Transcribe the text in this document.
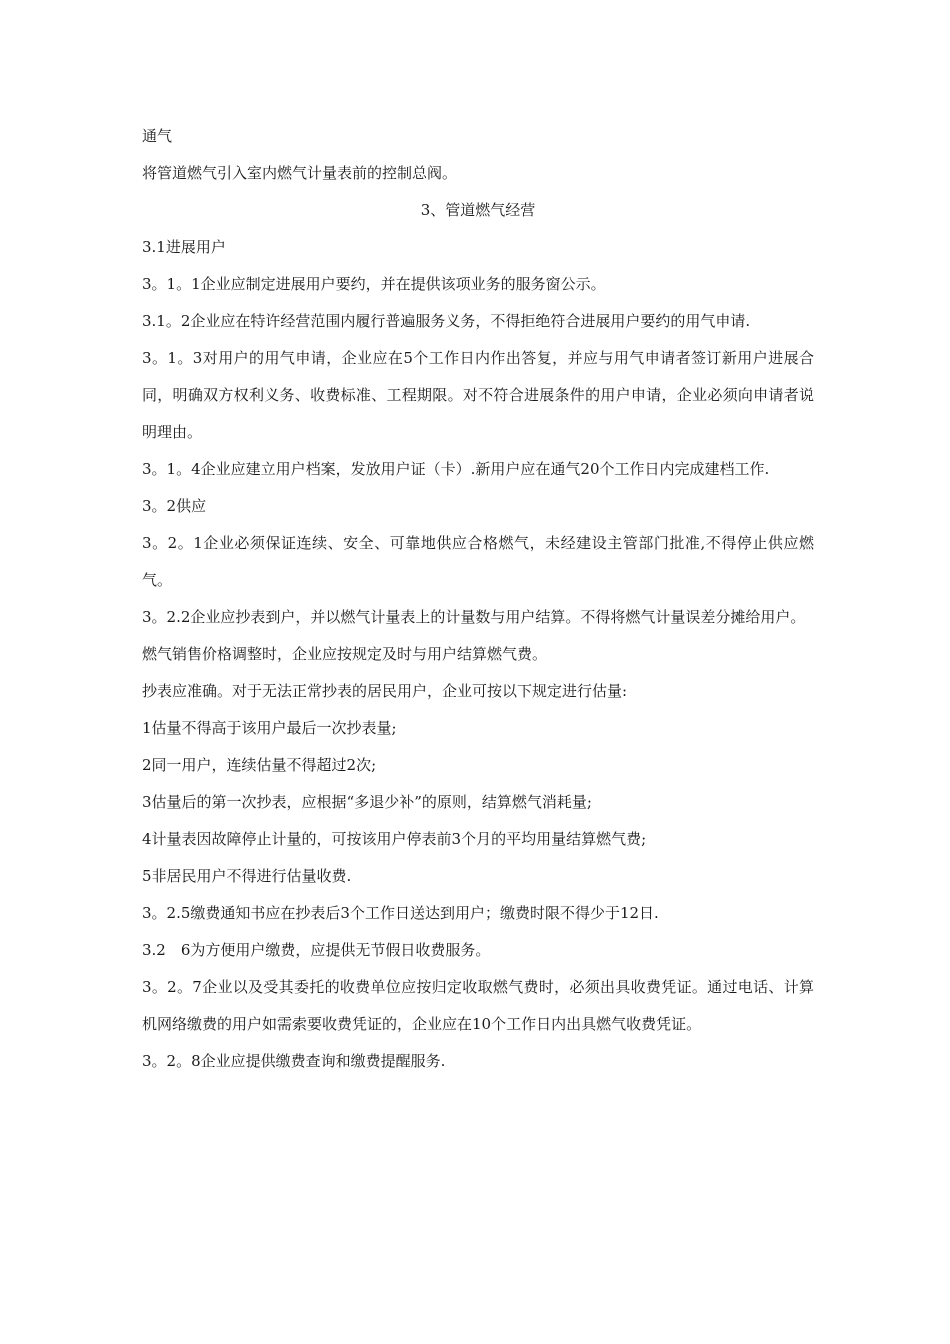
通气
将管道燃气引入室内燃气计量表前的控制总阀。
3、管道燃气经营
3.1进展用户
3。1。1企业应制定进展用户要约，并在提供该项业务的服务窗公示。
3.1。2企业应在特许经营范围内履行普遍服务义务，不得拒绝符合进展用户要约的用气申请.
3。1。3对用户的用气申请，企业应在5个工作日内作出答复，并应与用气申请者签订新用户进展合同，明确双方权利义务、收费标准、工程期限。对不符合进展条件的用户申请，企业必须向申请者说明理由。
3。1。4企业应建立用户档案，发放用户证（卡）.新用户应在通气20个工作日内完成建档工作.
3。2供应
3。2。1企业必须保证连续、安全、可靠地供应合格燃气，未经建设主管部门批准,不得停止供应燃气。
3。2.2企业应抄表到户，并以燃气计量表上的计量数与用户结算。不得将燃气计量误差分摊给用户。
燃气销售价格调整时，企业应按规定及时与用户结算燃气费。
抄表应准确。对于无法正常抄表的居民用户，企业可按以下规定进行估量:
1估量不得高于该用户最后一次抄表量;
2同一用户，连续估量不得超过2次;
3估量后的第一次抄表，应根据“多退少补”的原则，结算燃气消耗量;
4计量表因故障停止计量的，可按该用户停表前3个月的平均用量结算燃气费;
5非居民用户不得进行估量收费.
3。2.5缴费通知书应在抄表后3个工作日送达到用户；缴费时限不得少于12日.
3.2　6为方便用户缴费，应提供无节假日收费服务。
3。2。7企业以及受其委托的收费单位应按归定收取燃气费时，必须出具收费凭证。通过电话、计算机网络缴费的用户如需索要收费凭证的，企业应在10个工作日内出具燃气收费凭证。
3。2。8企业应提供缴费查询和缴费提醒服务.
